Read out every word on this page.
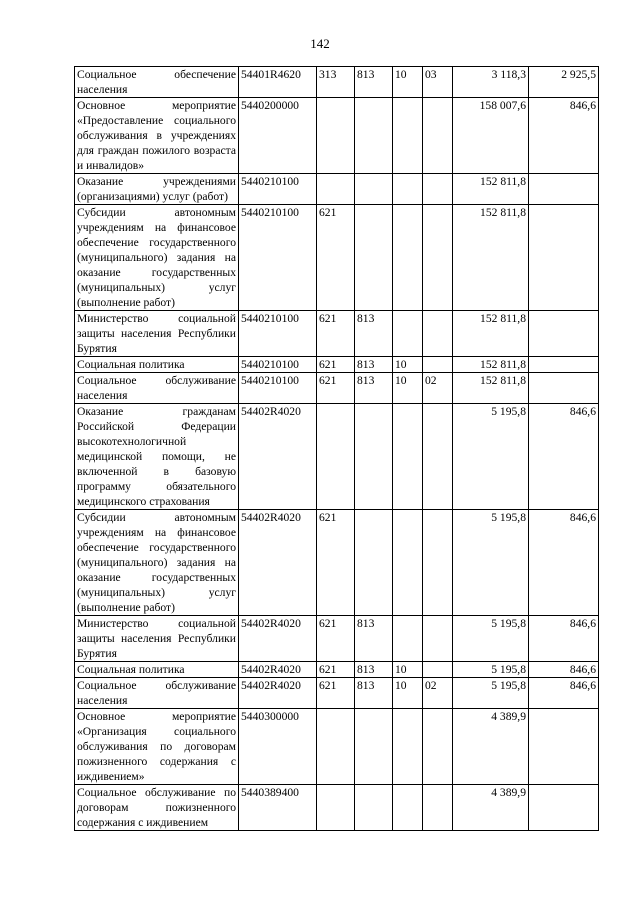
142
Социальное обеспечение населения	54401R4620	313	813	10	03	3 118,3	2 925,5
Основное мероприятие «Предоставление социального обслуживания в учреждениях для граждан пожилого возраста и инвалидов»	5440200000					158 007,6	846,6
Оказание учреждениями (организациями) услуг (работ)	5440210100					152 811,8	
Субсидии автономным учреждениям на финансовое обеспечение государственного (муниципального) задания на оказание государственных (муниципальных) услуг (выполнение работ)	5440210100	621				152 811,8	
Министерство социальной защиты населения Республики Бурятия	5440210100	621	813			152 811,8	
Социальная политика	5440210100	621	813	10		152 811,8	
Социальное обслуживание населения	5440210100	621	813	10	02	152 811,8	
Оказание гражданам Российской Федерации высокотехнологичной медицинской помощи, не включенной в базовую программу обязательного медицинского страхования	54402R4020					5 195,8	846,6
Субсидии автономным учреждениям на финансовое обеспечение государственного (муниципального) задания на оказание государственных (муниципальных) услуг (выполнение работ)	54402R4020	621				5 195,8	846,6
Министерство социальной защиты населения Республики Бурятия	54402R4020	621	813			5 195,8	846,6
Социальная политика	54402R4020	621	813	10		5 195,8	846,6
Социальное обслуживание населения	54402R4020	621	813	10	02	5 195,8	846,6
Основное мероприятие «Организация социального обслуживания по договорам пожизненного содержания с иждивением»	5440300000					4 389,9	
Социальное обслуживание по договорам пожизненного содержания с иждивением	5440389400					4 389,9	
